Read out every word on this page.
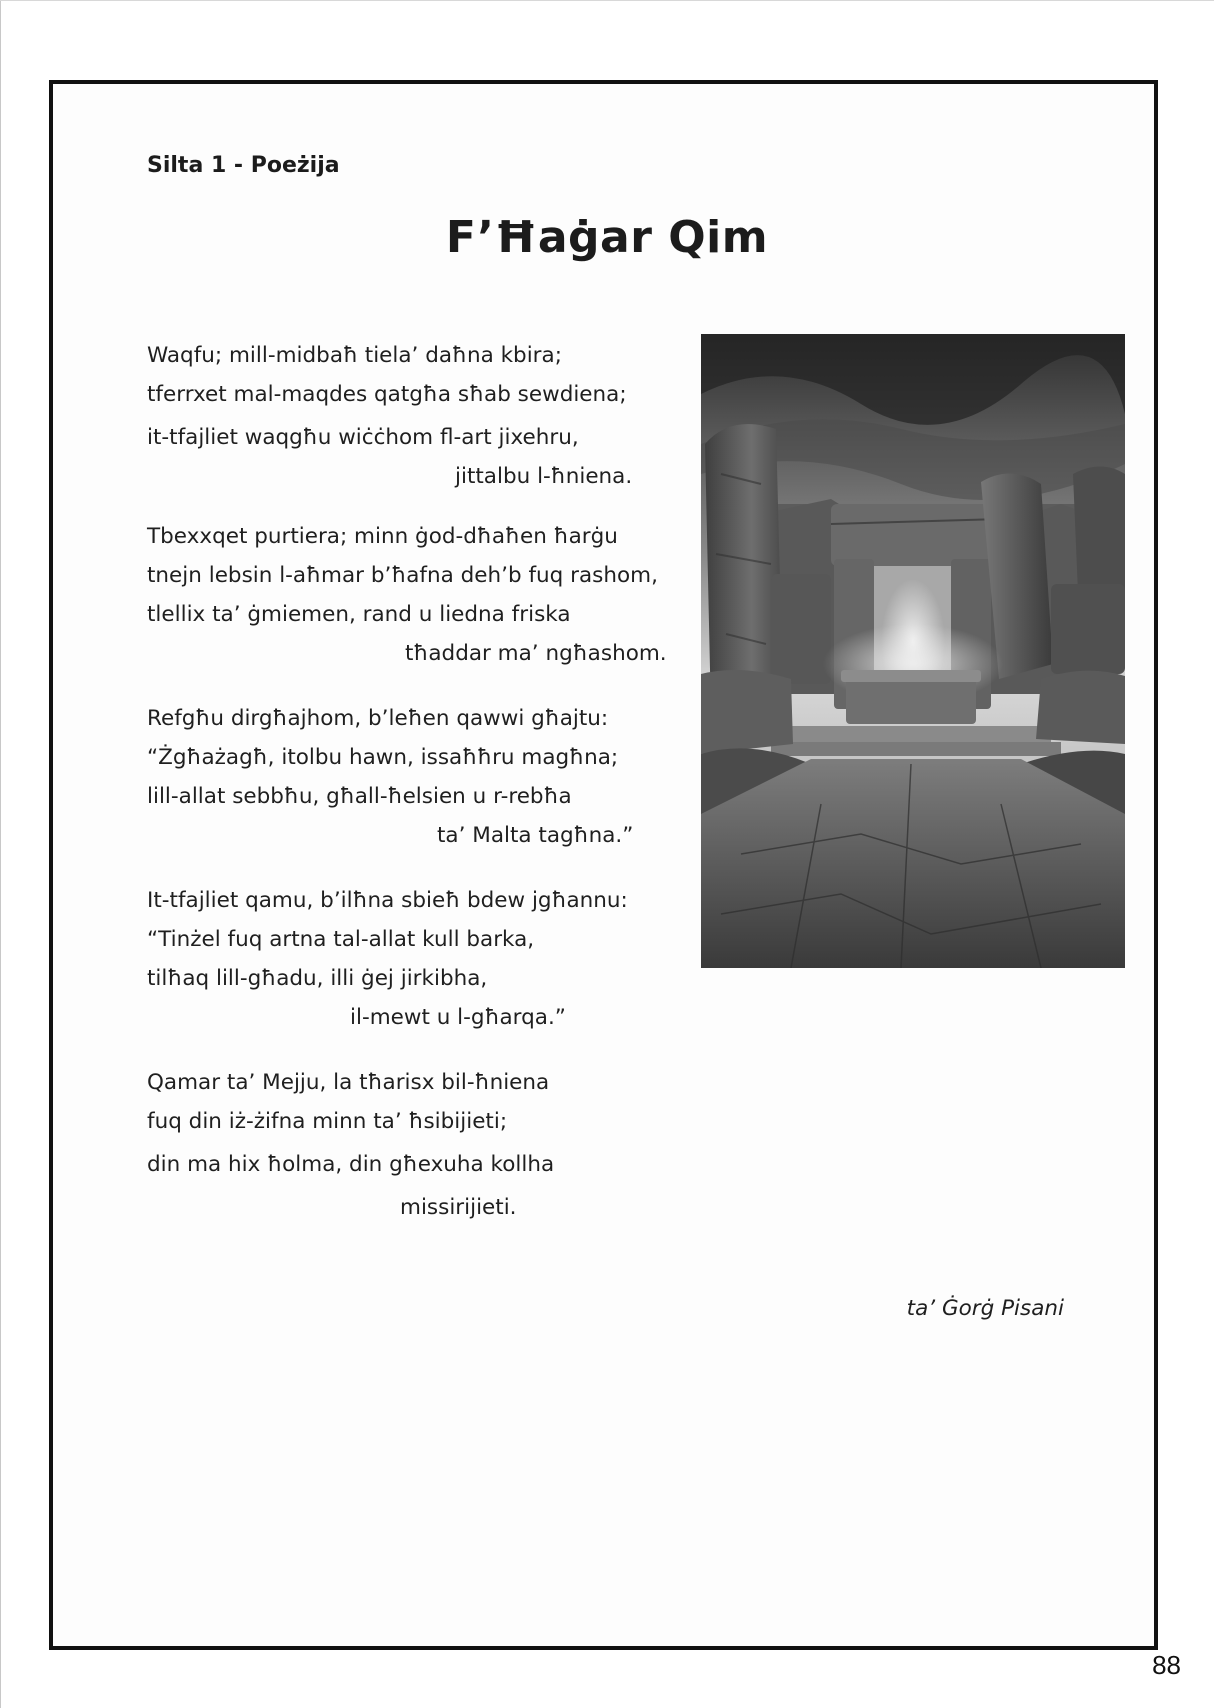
Silta 1 - Poeżija
F’Ħaġar Qim
Waqfu; mill-midbaħ tiela’ daħna kbira;
tferrxet mal-maqdes qatgħa sħab sewdiena;
it-tfajliet waqgħu wiċċhom fl-art jixehru,
jittalbu l-ħniena.
Tbexxqet purtiera; minn ġod-dħaħen ħarġu
tnejn lebsin l-aħmar b’ħafna deh’b fuq rashom,
tlellix ta’ ġmiemen, rand u liedna friska
tħaddar ma’ ngħashom.
Refgħu dirgħajhom, b’leħen qawwi għajtu:
“Żgħażagħ, itolbu hawn, issaħħru magħna;
lill-allat sebbħu, għall-ħelsien u r-rebħa
ta’ Malta tagħna.”
It-tfajliet qamu, b’ilħna sbieħ bdew jgħannu:
“Tinżel fuq artna tal-allat kull barka,
tilħaq lill-għadu, illi ġej jirkibha,
il-mewt u l-għarqa.”
Qamar ta’ Mejju, la tħarisx bil-ħniena
fuq din iż-żifna minn ta’ ħsibijieti;
din ma hix ħolma, din għexuha kollha
missirijieti.
ta’ Ġorġ Pisani
88
